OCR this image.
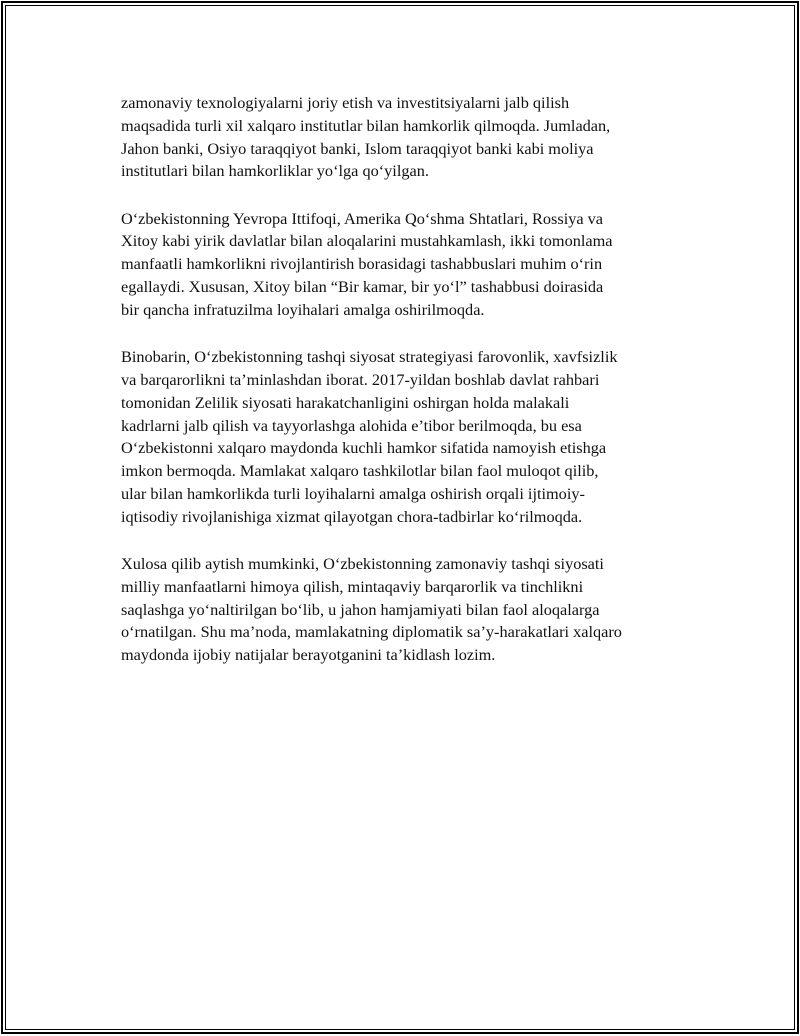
zamonaviy texnologiyalarni joriy etish va investitsiyalarni jalb qilish
maqsadida turli xil xalqaro institutlar bilan hamkorlik qilmoqda. Jumladan,
Jahon banki, Osiyo taraqqiyot banki, Islom taraqqiyot banki kabi moliya
institutlari bilan hamkorliklar yo‘lga qo‘yilgan.

O‘zbekistonning Yevropa Ittifoqi, Amerika Qo‘shma Shtatlari, Rossiya va
Xitoy kabi yirik davlatlar bilan aloqalarini mustahkamlash, ikki tomonlama
manfaatli hamkorlikni rivojlantirish borasidagi tashabbuslari muhim o‘rin
egallaydi. Xususan, Xitoy bilan “Bir kamar, bir yo‘l” tashabbusi doirasida
bir qancha infratuzilma loyihalari amalga oshirilmoqda.

Binobarin, O‘zbekistonning tashqi siyosat strategiyasi farovonlik, xavfsizlik
va barqarorlikni ta’minlashdan iborat. 2017-yildan boshlab davlat rahbari
tomonidan Zelilik siyosati harakatchanligini oshirgan holda malakali
kadrlarni jalb qilish va tayyorlashga alohida e’tibor berilmoqda, bu esa
O‘zbekistonni xalqaro maydonda kuchli hamkor sifatida namoyish etishga
imkon bermoqda. Mamlakat xalqaro tashkilotlar bilan faol muloqot qilib,
ular bilan hamkorlikda turli loyihalarni amalga oshirish orqali ijtimoiy-
iqtisodiy rivojlanishiga xizmat qilayotgan chora-tadbirlar ko‘rilmoqda.

Xulosa qilib aytish mumkinki, O‘zbekistonning zamonaviy tashqi siyosati
milliy manfaatlarni himoya qilish, mintaqaviy barqarorlik va tinchlikni
saqlashga yo‘naltirilgan bo‘lib, u jahon hamjamiyati bilan faol aloqalarga
o‘rnatilgan. Shu ma’noda, mamlakatning diplomatik sa’y-harakatlari xalqaro
maydonda ijobiy natijalar berayotganini ta’kidlash lozim.
